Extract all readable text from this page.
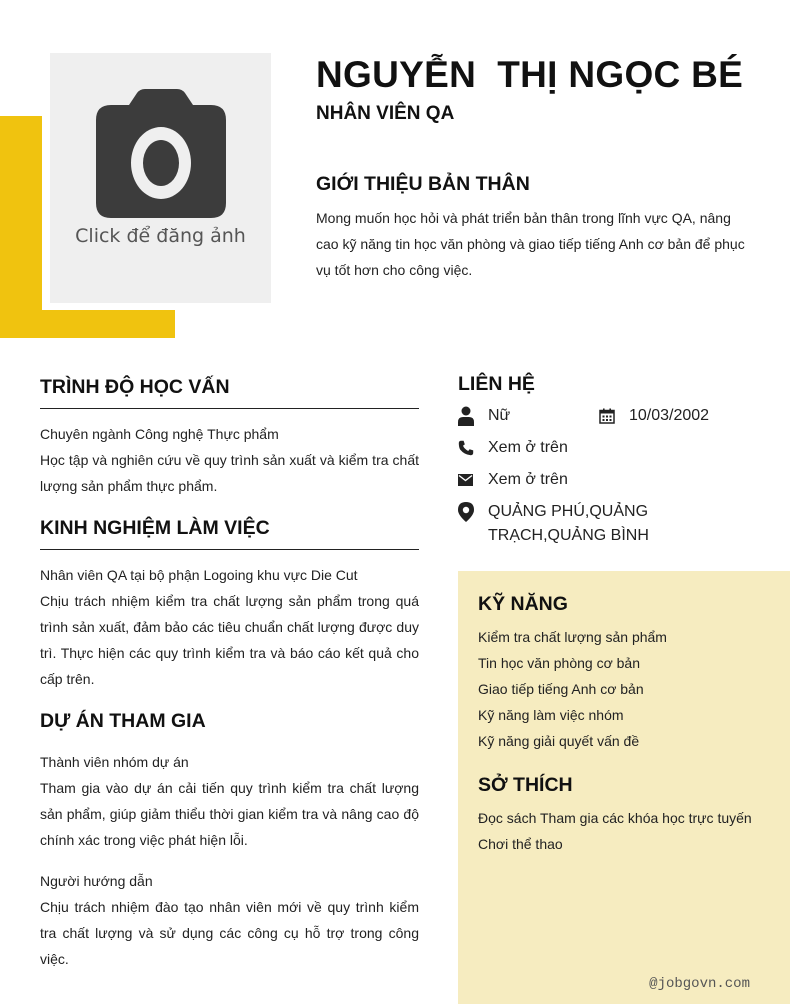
Click để đăng ảnh
NGUYỄN  THỊ NGỌC BÉ
NHÂN VIÊN QA
GIỚI THIỆU BẢN THÂN

Mong muốn học hỏi và phát triển bản thân trong lĩnh vực QA, nâng cao kỹ năng tin học văn phòng và giao tiếp tiếng Anh cơ bản để phục vụ tốt hơn cho công việc.

TRÌNH ĐỘ HỌC VẤN
Chuyên ngành Công nghệ Thực phẩm
Học tập và nghiên cứu về quy trình sản xuất và kiểm tra chất lượng sản phẩm thực phẩm.
KINH NGHIỆM LÀM VIỆC
Nhân viên QA tại bộ phận Logoing khu vực Die Cut
Chịu trách nhiệm kiểm tra chất lượng sản phẩm trong quá trình sản xuất, đảm bảo các tiêu chuẩn chất lượng được duy trì. Thực hiện các quy trình kiểm tra và báo cáo kết quả cho cấp trên.
DỰ ÁN THAM GIA
Thành viên nhóm dự án
Tham gia vào dự án cải tiến quy trình kiểm tra chất lượng sản phẩm, giúp giảm thiểu thời gian kiểm tra và nâng cao độ chính xác trong việc phát hiện lỗi.
Người hướng dẫn
Chịu trách nhiệm đào tạo nhân viên mới về quy trình kiểm tra chất lượng và sử dụng các công cụ hỗ trợ trong công việc.
LIÊN HỆ
Nữ	10/03/2002
Xem ở trên
Xem ở trên
QUẢNG PHÚ,QUẢNG TRẠCH,QUẢNG BÌNH
KỸ NĂNG
Kiểm tra chất lượng sản phẩm
Tin học văn phòng cơ bản
Giao tiếp tiếng Anh cơ bản
Kỹ năng làm việc nhóm
Kỹ năng giải quyết vấn đề
SỞ THÍCH
Đọc sách Tham gia các khóa học trực tuyến
Chơi thể thao
@jobgovn.com
